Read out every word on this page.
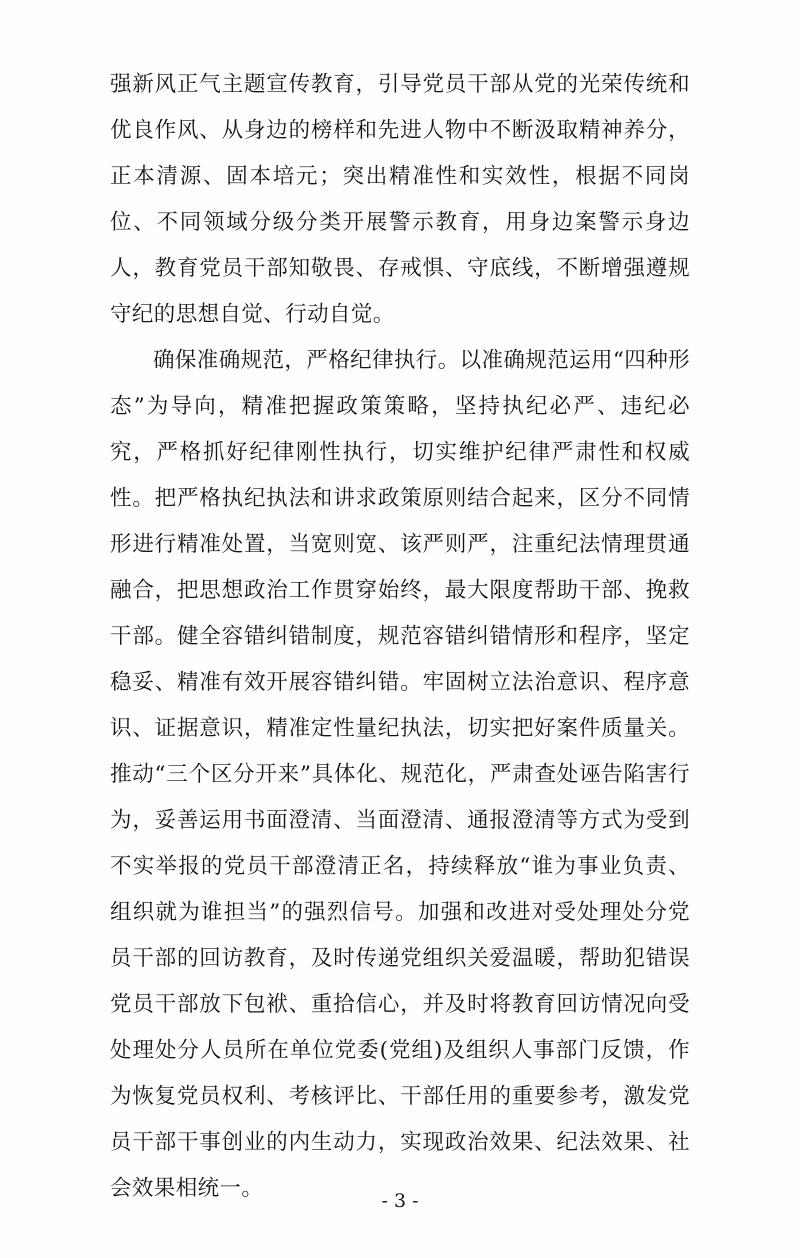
强新风正气主题宣传教育，引导党员干部从党的光荣传统和优良作风、从身边的榜样和先进人物中不断汲取精神养分，正本清源、固本培元；突出精准性和实效性，根据不同岗位、不同领域分级分类开展警示教育，用身边案警示身边人，教育党员干部知敬畏、存戒惧、守底线，不断增强遵规守纪的思想自觉、行动自觉。

确保准确规范，严格纪律执行。以准确规范运用“四种形态”为导向，精准把握政策策略，坚持执纪必严、违纪必究，严格抓好纪律刚性执行，切实维护纪律严肃性和权威性。把严格执纪执法和讲求政策原则结合起来，区分不同情形进行精准处置，当宽则宽、该严则严，注重纪法情理贯通融合，把思想政治工作贯穿始终，最大限度帮助干部、挽救干部。健全容错纠错制度，规范容错纠错情形和程序，坚定稳妥、精准有效开展容错纠错。牢固树立法治意识、程序意识、证据意识，精准定性量纪执法，切实把好案件质量关。推动“三个区分开来”具体化、规范化，严肃查处诬告陷害行为，妥善运用书面澄清、当面澄清、通报澄清等方式为受到不实举报的党员干部澄清正名，持续释放“谁为事业负责、组织就为谁担当”的强烈信号。加强和改进对受处理处分党员干部的回访教育，及时传递党组织关爱温暖，帮助犯错误党员干部放下包袱、重拾信心，并及时将教育回访情况向受处理处分人员所在单位党委(党组)及组织人事部门反馈，作为恢复党员权利、考核评比、干部任用的重要参考，激发党员干部干事创业的内生动力，实现政治效果、纪法效果、社会效果相统一。	- 3 -
